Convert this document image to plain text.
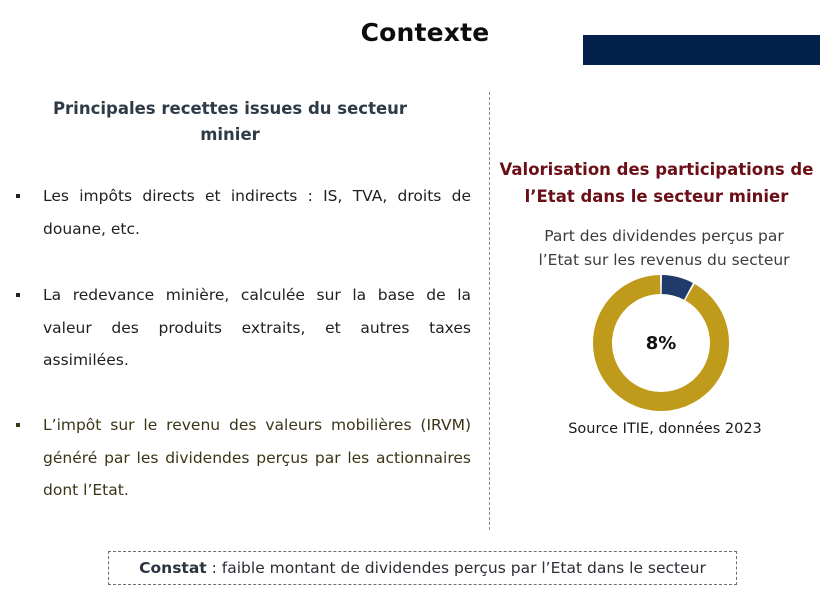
Contexte
Principales recettes issues du secteur
minier
Les impôts directs et indirects : IS, TVA, droits de douane, etc.
La redevance minière, calculée sur la base de la valeur des produits extraits, et autres taxes assimilées.
L’impôt sur le revenu des valeurs mobilières (IRVM) généré par les dividendes perçus par les actionnaires dont l’Etat.
Valorisation des participations de
l’Etat dans le secteur minier
Part des dividendes perçus par
l’Etat sur les revenus du secteur
8%
Source ITIE, données 2023
Constat : faible montant de dividendes perçus par l’Etat dans le secteur
